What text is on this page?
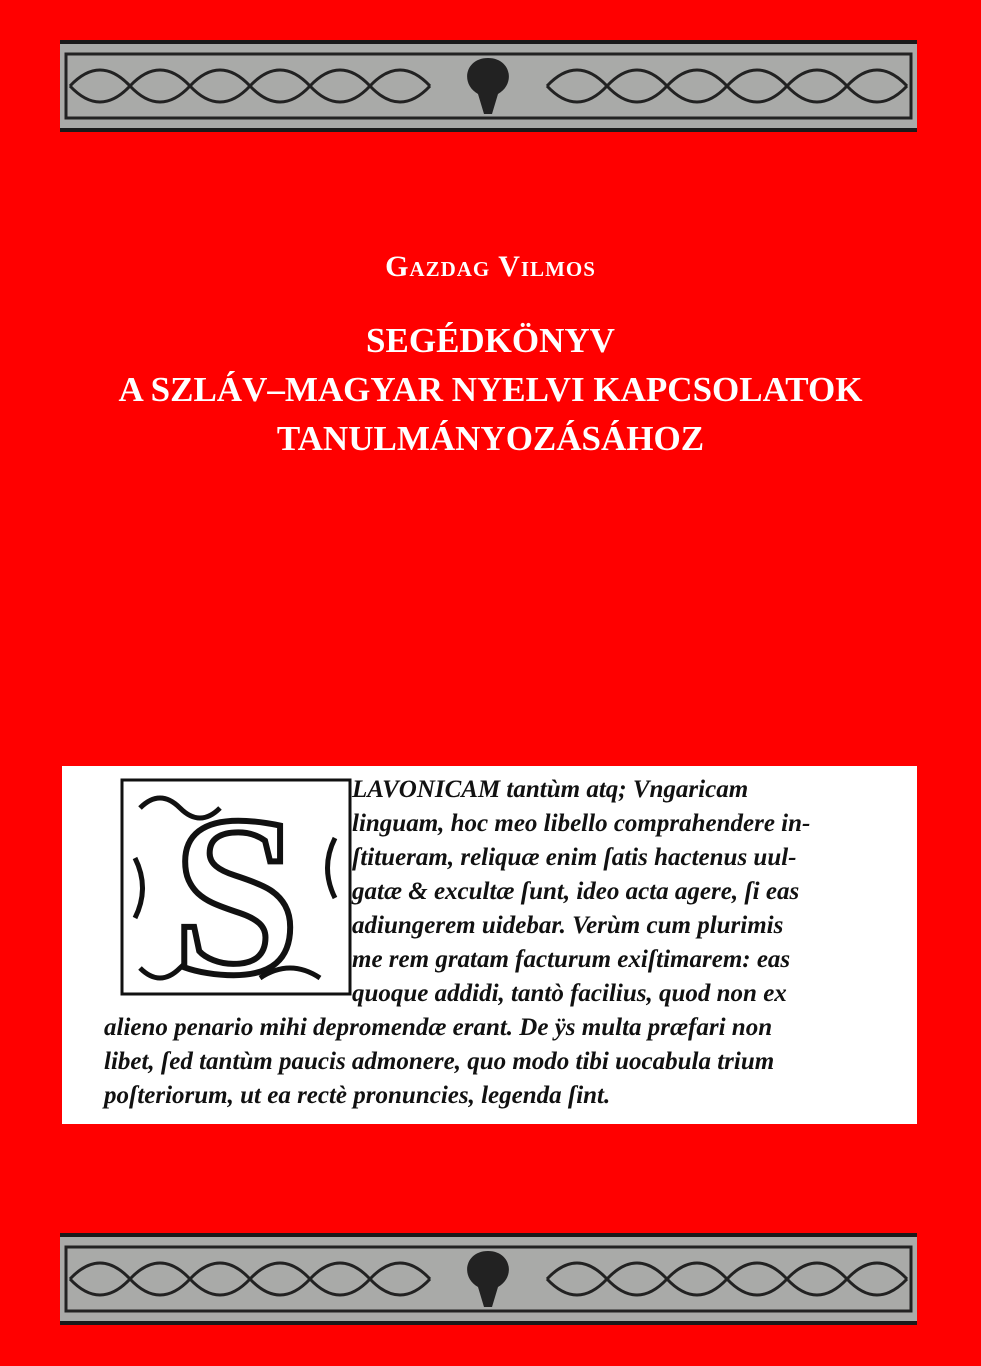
Gazdag Vilmos
SEGÉDKÖNYV
A SZLÁV–MAGYAR NYELVI KAPCSOLATOK
TANULMÁNYOZÁSÁHOZ
S LAVONICAM tantùm atq; Vngaricam
linguam, hoc meo libello comprahendere in-
ſtitueram, reliquæ enim ſatis hactenus uul-
gatæ & excultæ ſunt, ideo acta agere, ſi eas
adiungerem uidebar. Verùm cum plurimis
me rem gratam facturum exiſtimarem: eas
quoque addidi, tantò facilius, quod non ex
alieno penario mihi depromendæ erant. De ÿs multa præfari non
libet, ſed tantùm paucis admonere, quo modo tibi uocabula trium
poſteriorum, ut ea rectè pronuncies, legenda ſint.
